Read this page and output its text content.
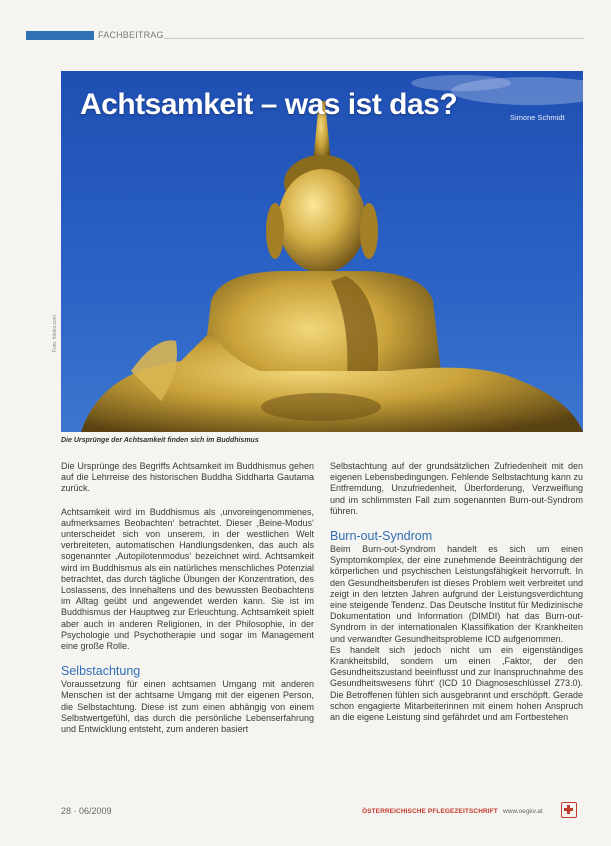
FACHBEITRAG
Achtsamkeit – was ist das?	Simone Schmidt
Foto: fotolia.com
Die Ursprünge der Achtsamkeit finden sich im Buddhismus

Die Ursprünge des Begriffs Achtsamkeit im Buddhismus gehen auf die Lehrreise des historischen Buddha Siddharta Gautama zurück.

Achtsamkeit wird im Buddhismus als ,unvoreingenommenes, aufmerksames Beobachten‘ betrachtet. Dieser ,Beine-Modus‘ unterscheidet sich von unserem, in der westlichen Welt verbreiteten, automatischen Handlungsdenken, das auch als sogenannter ,Autopilotenmodus‘ bezeichnet wird. Achtsamkeit wird im Buddhismus als ein natürliches menschliches Potenzial betrachtet, das durch tägliche Übungen der Konzentration, des Loslassens, des Innehaltens und des bewussten Beobachtens im Alltag geübt und angewendet werden kann. Sie ist im Buddhismus der Hauptweg zur Erleuchtung. Achtsamkeit spielt aber auch in anderen Religionen, in der Philosophie, in der Psychologie und Psychotherapie und sogar im Management eine große Rolle.

Selbstachtung

Voraussetzung für einen achtsamen Umgang mit anderen Menschen ist der achtsame Umgang mit der eigenen Person, die Selbstachtung. Diese ist zum einen abhängig von einem Selbstwertgefühl, das durch die persönliche Lebenserfahrung und Entwicklung entsteht, zum anderen basiert

Selbstachtung auf der grundsätzlichen Zufriedenheit mit den eigenen Lebensbedingungen. Fehlende Selbstachtung kann zu Entfremdung, Unzufriedenheit, Überforderung, Verzweiflung und im schlimmsten Fall zum sogenannten Burn-out-Syndrom führen.

Burn-out-Syndrom

Beim Burn-out-Syndrom handelt es sich um einen Symptomkomplex, der eine zunehmende Beeinträchtigung der körperlichen und psychischen Leistungsfähigkeit hervorruft. In den Gesundheitsberufen ist dieses Problem weit verbreitet und zeigt in den letzten Jahren aufgrund der Leistungsverdichtung eine steigende Tendenz. Das Deutsche Institut für Medizinische Dokumentation und Information (DIMDI) hat das Burn-out-Syndrom in der internationalen Klassifikation der Krankheiten und verwandter Gesundheitsprobleme ICD aufgenommen.

Es handelt sich jedoch nicht um ein eigenständiges Krankheitsbild, sondern um einen ,Faktor, der den Gesundheitszustand beeinflusst und zur Inanspruchnahme des Gesundheitswesens führt‘ (ICD 10 Diagnoseschlüssel Z73.0). Die Betroffenen fühlen sich ausgebrannt und erschöpft. Gerade schon engagierte Mitarbeiterinnen mit einem hohen Anspruch an die eigene Leistung sind gefährdet und am Fortbestehen

28 · 06/2009	ÖSTERREICHISCHE PFLEGEZEITSCHRIFT www.oegkv.at
